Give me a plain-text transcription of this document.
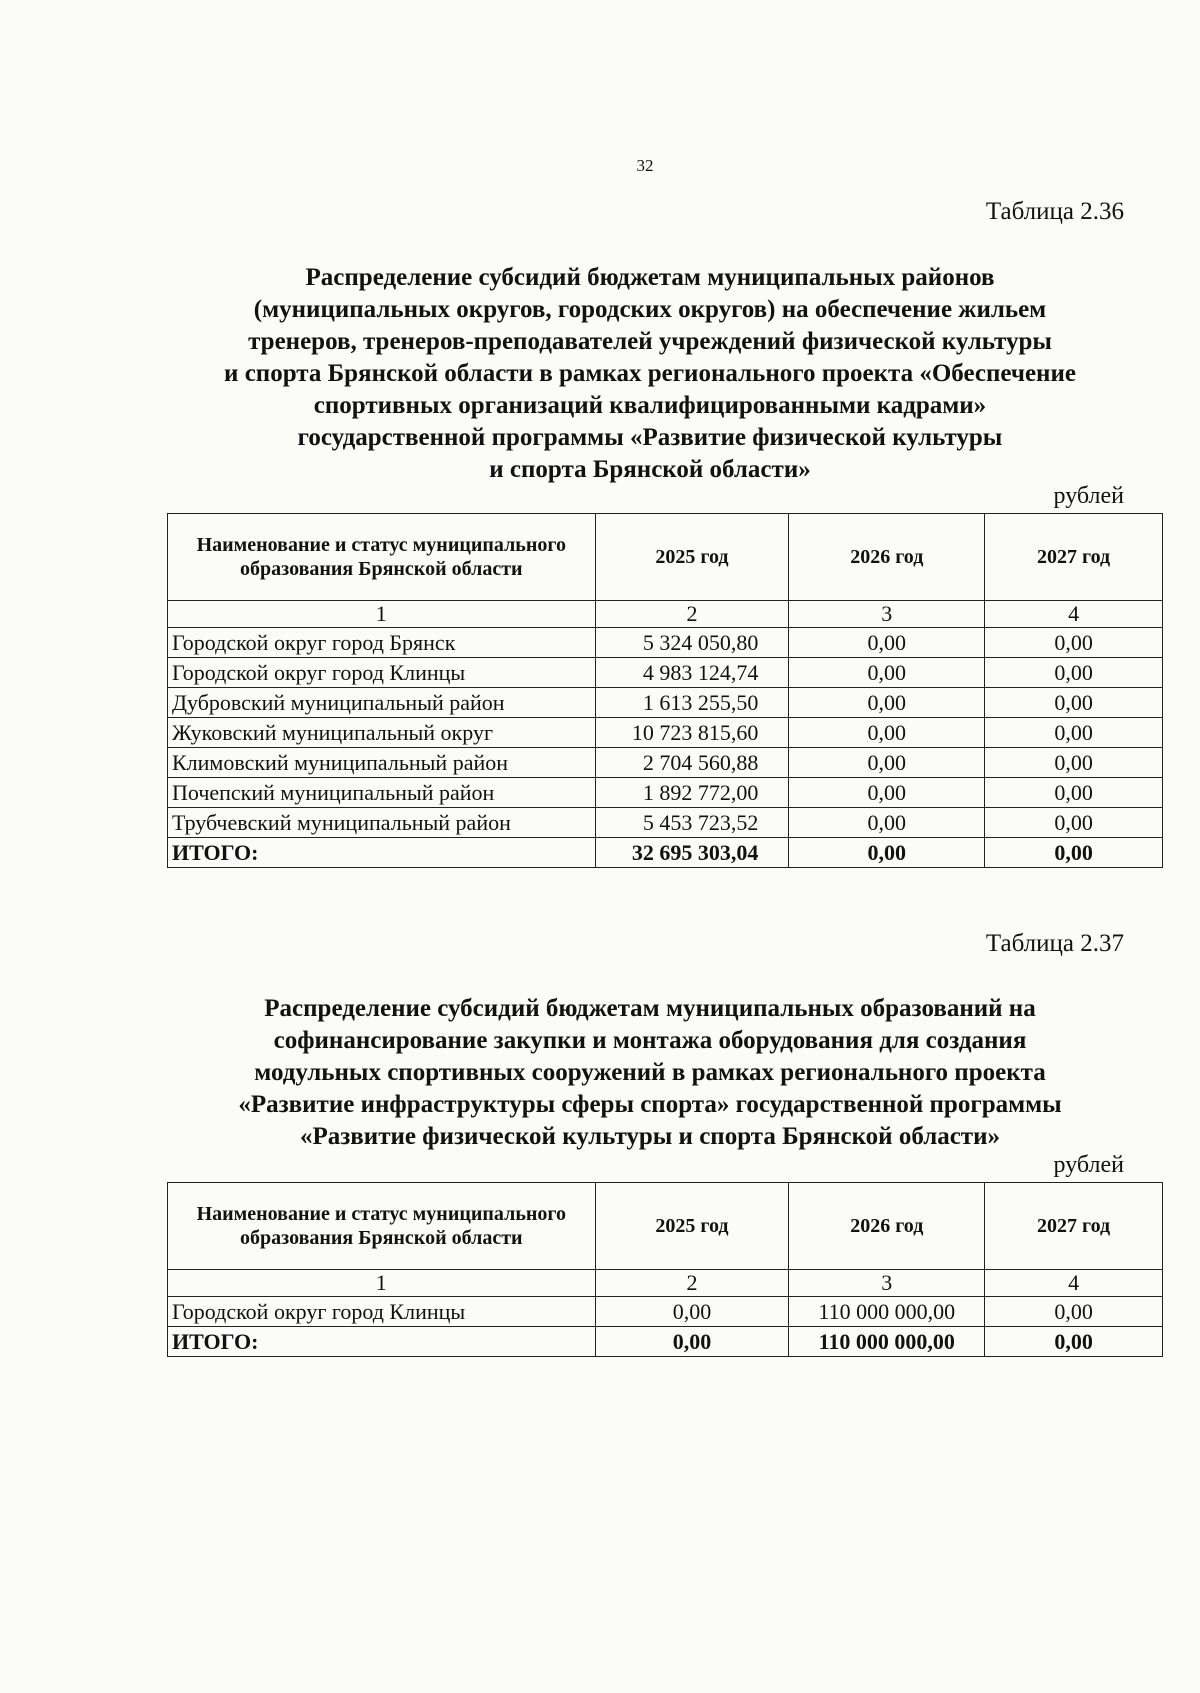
32
Таблица 2.36
Распределение субсидий бюджетам муниципальных районов
(муниципальных округов, городских округов) на обеспечение жильем
тренеров, тренеров-преподавателей учреждений физической культуры
и спорта Брянской области в рамках регионального проекта «Обеспечение
спортивных организаций квалифицированными кадрами»
государственной программы «Развитие физической культуры
и спорта Брянской области»
рублей
Наименование и статус муниципального образования Брянской области	2025 год	2026 год	2027 год
1	2	3	4
Городской округ город Брянск	5 324 050,80	0,00	0,00
Городской округ город Клинцы	4 983 124,74	0,00	0,00
Дубровский муниципальный район	1 613 255,50	0,00	0,00
Жуковский муниципальный округ	10 723 815,60	0,00	0,00
Климовский муниципальный район	2 704 560,88	0,00	0,00
Почепский муниципальный район	1 892 772,00	0,00	0,00
Трубчевский муниципальный район	5 453 723,52	0,00	0,00
ИТОГО:	32 695 303,04	0,00	0,00
Таблица 2.37
Распределение субсидий бюджетам муниципальных образований на
софинансирование закупки и монтажа оборудования для создания
модульных спортивных сооружений в рамках регионального проекта
«Развитие инфраструктуры сферы спорта» государственной программы
«Развитие физической культуры и спорта Брянской области»
рублей
Наименование и статус муниципального образования Брянской области	2025 год	2026 год	2027 год
1	2	3	4
Городской округ город Клинцы	0,00	110 000 000,00	0,00
ИТОГО:	0,00	110 000 000,00	0,00
